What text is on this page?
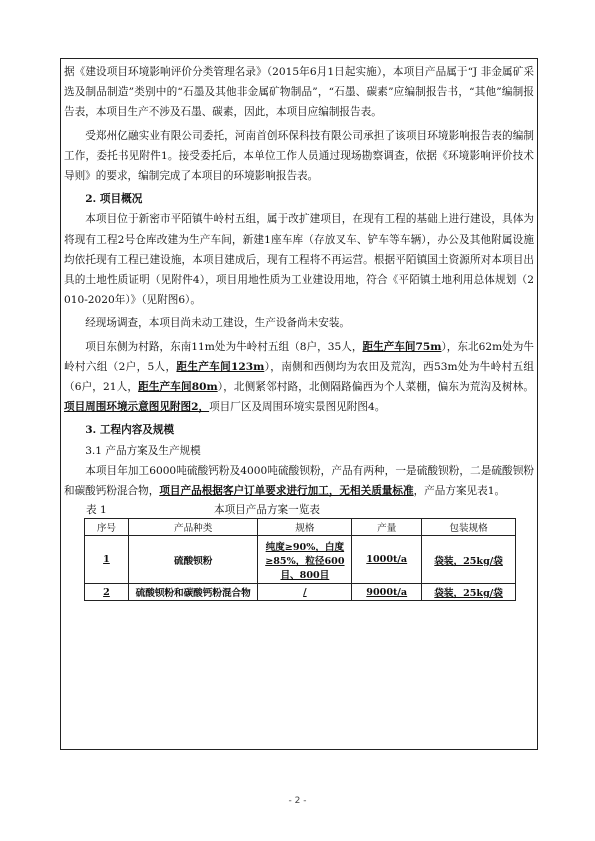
据《建设项目环境影响评价分类管理名录》（2015年6月1日起实施），本项目产品属于“J 非金属矿采选及制品制造”类别中的“石墨及其他非金属矿物制品”，“石墨、碳素”应编制报告书，“其他”编制报告表，本项目生产不涉及石墨、碳素，因此，本项目应编制报告表。

受郑州亿融实业有限公司委托，河南首创环保科技有限公司承担了该项目环境影响报告表的编制工作，委托书见附件1。接受委托后，本单位工作人员通过现场勘察调查，依据《环境影响评价技术导则》的要求，编制完成了本项目的环境影响报告表。

2. 项目概况

本项目位于新密市平陌镇牛岭村五组，属于改扩建项目，在现有工程的基础上进行建设，具体为将现有工程2号仓库改建为生产车间，新建1座车库（存放叉车、铲车等车辆），办公及其他附属设施均依托现有工程已建设施，本项目建成后，现有工程将不再运营。根据平陌镇国土资源所对本项目出具的土地性质证明（见附件4），项目用地性质为工业建设用地，符合《平陌镇土地利用总体规划（2010-2020年）》（见附图6）。

经现场调查，本项目尚未动工建设，生产设备尚未安装。

项目东侧为村路，东南11m处为牛岭村五组（8户，35人，距生产车间75m），东北62m处为牛岭村六组（2户，5人，距生产车间123m），南侧和西侧均为农田及荒沟，西53m处为牛岭村五组（6户，21人，距生产车间80m），北侧紧邻村路，北侧隔路偏西为个人菜棚，偏东为荒沟及树林。项目周围环境示意图见附图2，项目厂区及周围环境实景图见附图4。

3. 工程内容及规模

3.1 产品方案及生产规模

本项目年加工6000吨硫酸钙粉及4000吨硫酸钡粉，产品有两种，一是硫酸钡粉，二是硫酸钡粉和碳酸钙粉混合物，项目产品根据客户订单要求进行加工，无相关质量标准，产品方案见表1。

表 1	本项目产品方案一览表
序号	产品种类	规格	产量	包装规格
1	硫酸钡粉	纯度≥90%，白度≥85%，粒径600目、800目	1000t/a	袋装，25kg/袋
2	硫酸钡粉和碳酸钙粉混合物	/	9000t/a	袋装，25kg/袋
- 2 -
